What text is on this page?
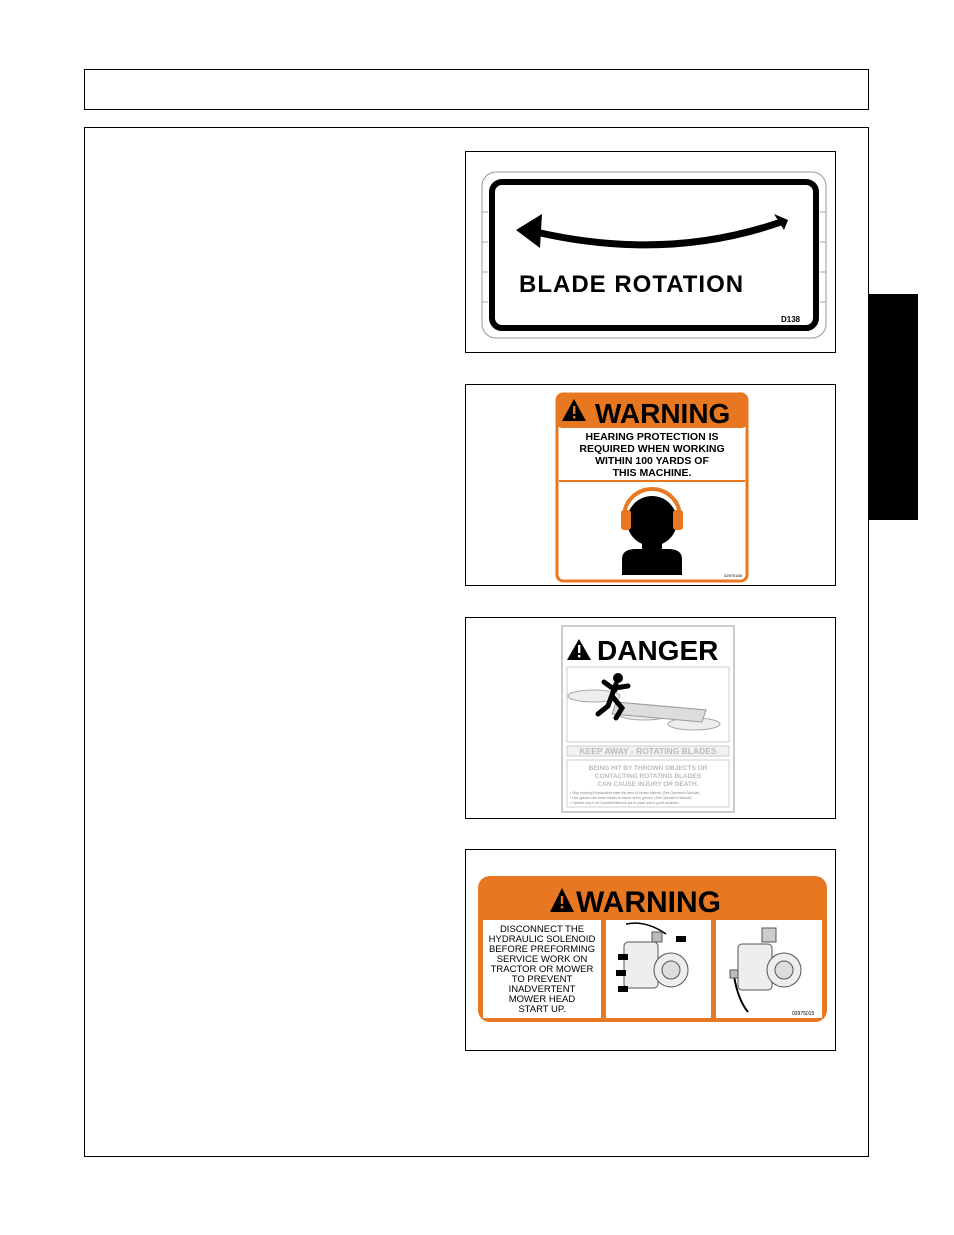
BLADE ROTATION
D138
WARNING
HEARING PROTECTION IS
REQUIRED WHEN WORKING
WITHIN 100 YARDS OF
THIS MACHINE.
02975158
DANGER
KEEP AWAY - ROTATING BLADES
BEING HIT BY THROWN OBJECTS OR
CONTACTING ROTATING BLADES
CAN CAUSE INJURY OR DEATH.
• Stop mowing if bystanders enter the area of thrown objects. (See Operator's Manual)
• Use special care when blower is raised off the ground. (See Operator's Manual)
• Operate only if all Guards/Deflectors are in place and in good condition.
WARNING
DISCONNECT THE
HYDRAULIC SOLENOID
BEFORE PREFORMING
SERVICE WORK ON
TRACTOR OR MOWER
TO PREVENT
INADVERTENT
MOWER HEAD
START UP.	02975015
